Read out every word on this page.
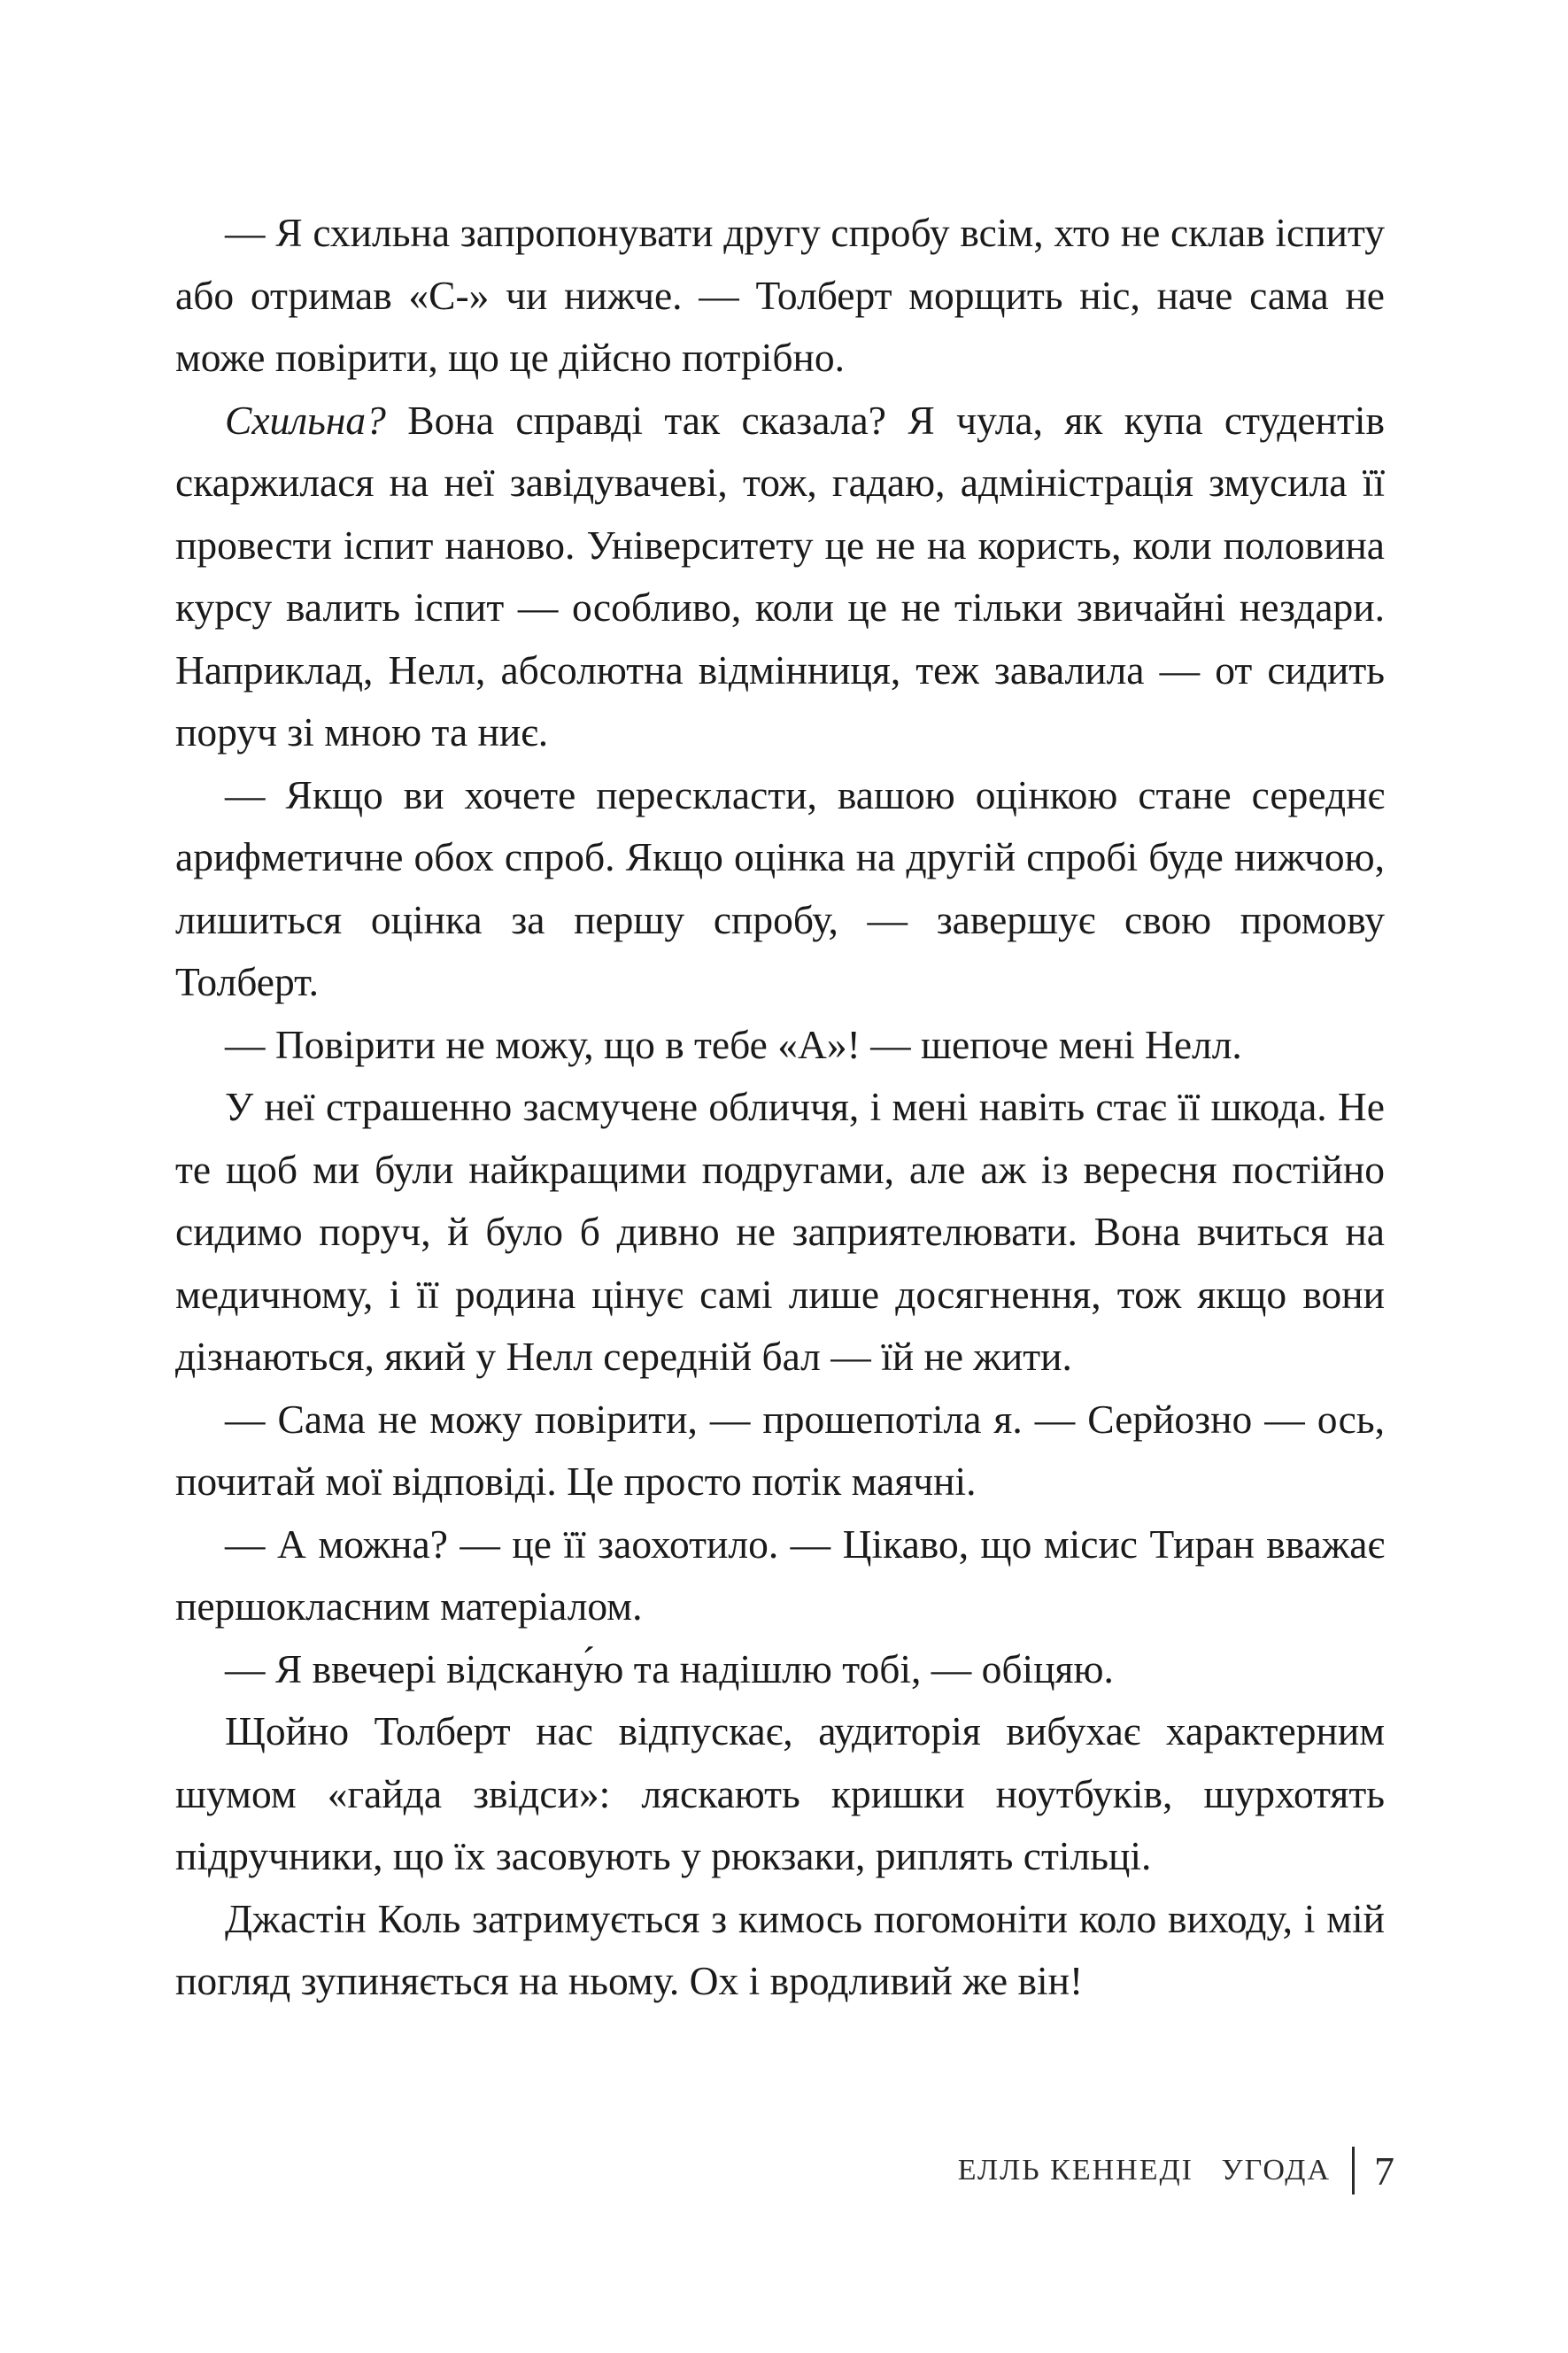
— Я схильна запропонувати другу спробу всім, хто не склав іспиту або отримав «C-» чи нижче. — Толберт морщить ніс, наче сама не може повірити, що це дійсно потрібно.

Схильна? Вона справді так сказала? Я чула, як купа студентів скаржилася на неї завідувачеві, тож, гадаю, адміністрація змусила її провести іспит наново. Університету це не на користь, коли половина курсу валить іспит — особливо, коли це не тільки звичайні нездари. Наприклад, Нелл, абсолютна відмінниця, теж завалила — от сидить поруч зі мною та ниє.

— Якщо ви хочете перескласти, вашою оцінкою стане середнє арифметичне обох спроб. Якщо оцінка на другій спробі буде нижчою, лишиться оцінка за першу спробу, — завершує свою промову Толберт.

— Повірити не можу, що в тебе «A»! — шепоче мені Нелл.

У неї страшенно засмучене обличчя, і мені навіть стає її шкода. Не те щоб ми були найкращими подругами, але аж із вересня постійно сидимо поруч, й було б дивно не заприятелювати. Вона вчиться на медичному, і її родина цінує самі лише досягнення, тож якщо вони дізнаються, який у Нелл середній бал — їй не жити.

— Сама не можу повірити, — прошепотіла я. — Серйозно — ось, почитай мої відповіді. Це просто потік маячні.

— А можна? — це її заохотило. — Цікаво, що місис Тиран вважає першокласним матеріалом.

— Я ввечері відскану́ю та надішлю тобі, — обіцяю.

Щойно Толберт нас відпускає, аудиторія вибухає характерним шумом «гайда звідси»: ляскають кришки ноутбуків, шурхотять підручники, що їх засовують у рюкзаки, риплять стільці.

Джастін Коль затримується з кимось погомоніти коло виходу, і мій погляд зупиняється на ньому. Ох і вродливий же він!

ЕЛЛЬ КЕННЕДІ   УГОДА 7
